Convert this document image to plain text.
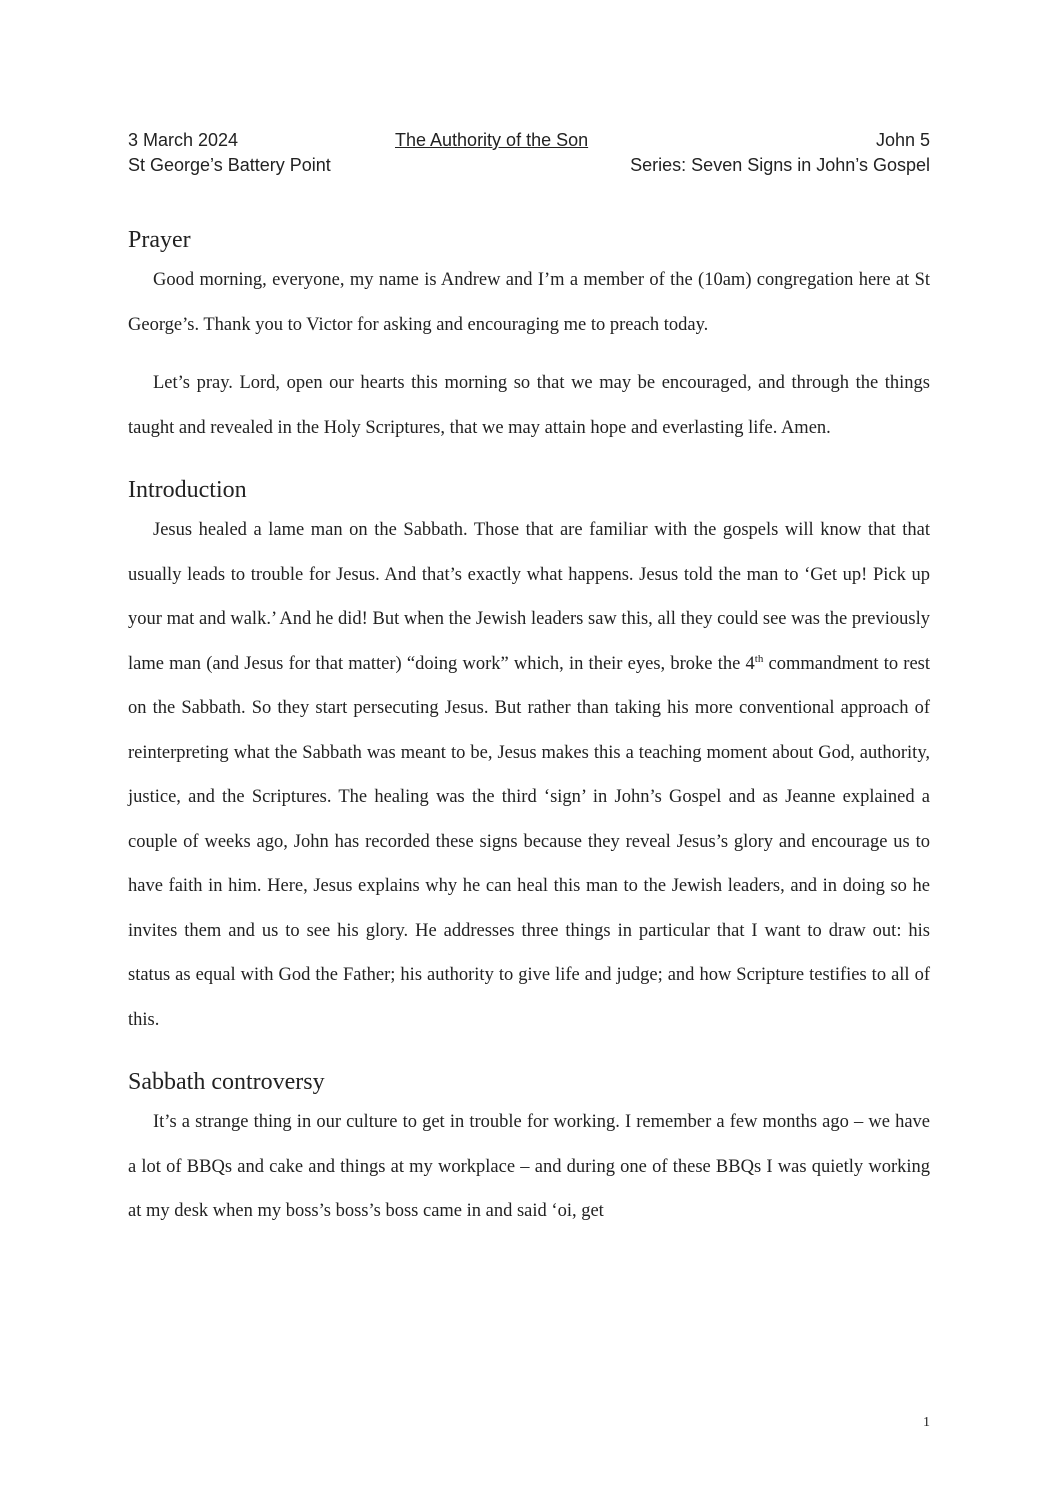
3 March 2024	The Authority of the Son	John 5
St George’s Battery Point	Series: Seven Signs in John’s Gospel
Prayer

Good morning, everyone, my name is Andrew and I’m a member of the (10am) congregation here at St George’s. Thank you to Victor for asking and encouraging me to preach today.

Let’s pray. Lord, open our hearts this morning so that we may be encouraged, and through the things taught and revealed in the Holy Scriptures, that we may attain hope and everlasting life. Amen.

Introduction

Jesus healed a lame man on the Sabbath. Those that are familiar with the gospels will know that that usually leads to trouble for Jesus. And that’s exactly what happens. Jesus told the man to ‘Get up! Pick up your mat and walk.’ And he did! But when the Jewish leaders saw this, all they could see was the previously lame man (and Jesus for that matter) “doing work” which, in their eyes, broke the 4th commandment to rest on the Sabbath. So they start persecuting Jesus. But rather than taking his more conventional approach of reinterpreting what the Sabbath was meant to be, Jesus makes this a teaching moment about God, authority, justice, and the Scriptures. The healing was the third ‘sign’ in John’s Gospel and as Jeanne explained a couple of weeks ago, John has recorded these signs because they reveal Jesus’s glory and encourage us to have faith in him. Here, Jesus explains why he can heal this man to the Jewish leaders, and in doing so he invites them and us to see his glory. He addresses three things in particular that I want to draw out: his status as equal with God the Father; his authority to give life and judge; and how Scripture testifies to all of this.

Sabbath controversy

It’s a strange thing in our culture to get in trouble for working. I remember a few months ago – we have a lot of BBQs and cake and things at my workplace – and during one of these BBQs I was quietly working at my desk when my boss’s boss’s boss came in and said ‘oi, get

1
